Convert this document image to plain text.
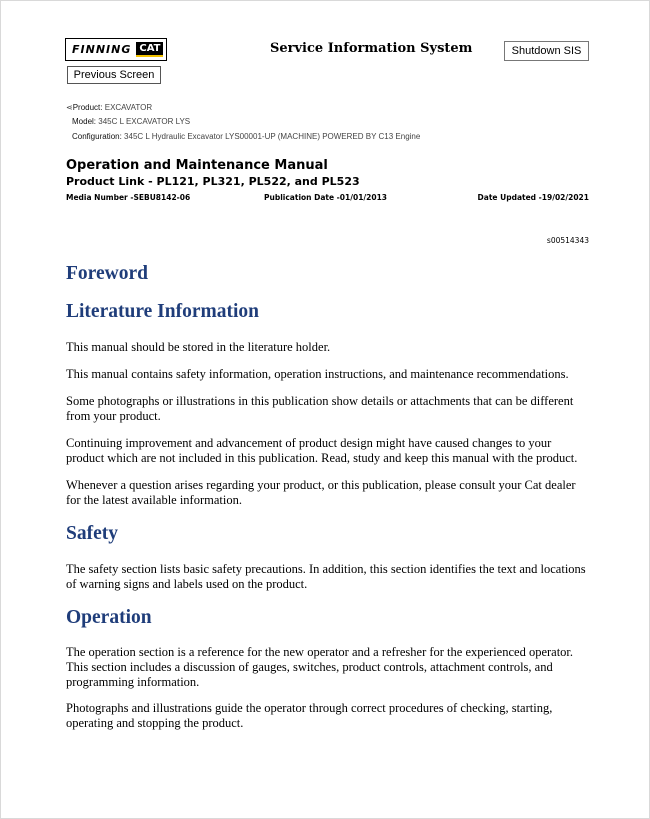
FINNING CAT
Previous Screen
Service Information System	Shutdown SIS
⋖Product: EXCAVATOR
Model: 345C L EXCAVATOR LYS
Configuration: 345C L Hydraulic Excavator LYS00001-UP (MACHINE) POWERED BY C13 Engine
Operation and Maintenance Manual
Product Link - PL121, PL321, PL522, and PL523
Media Number -SEBU8142-06	Publication Date -01/01/2013	Date Updated -19/02/2021
s00514343
Foreword
Literature Information

This manual should be stored in the literature holder.

This manual contains safety information, operation instructions, and maintenance recommendations.

Some photographs or illustrations in this publication show details or attachments that can be different from your product.

Continuing improvement and advancement of product design might have caused changes to your product which are not included in this publication. Read, study and keep this manual with the product.

Whenever a question arises regarding your product, or this publication, please consult your Cat dealer for the latest available information.

Safety

The safety section lists basic safety precautions. In addition, this section identifies the text and locations of warning signs and labels used on the product.

Operation

The operation section is a reference for the new operator and a refresher for the experienced operator. This section includes a discussion of gauges, switches, product controls, attachment controls, and programming information.

Photographs and illustrations guide the operator through correct procedures of checking, starting, operating and stopping the product.
